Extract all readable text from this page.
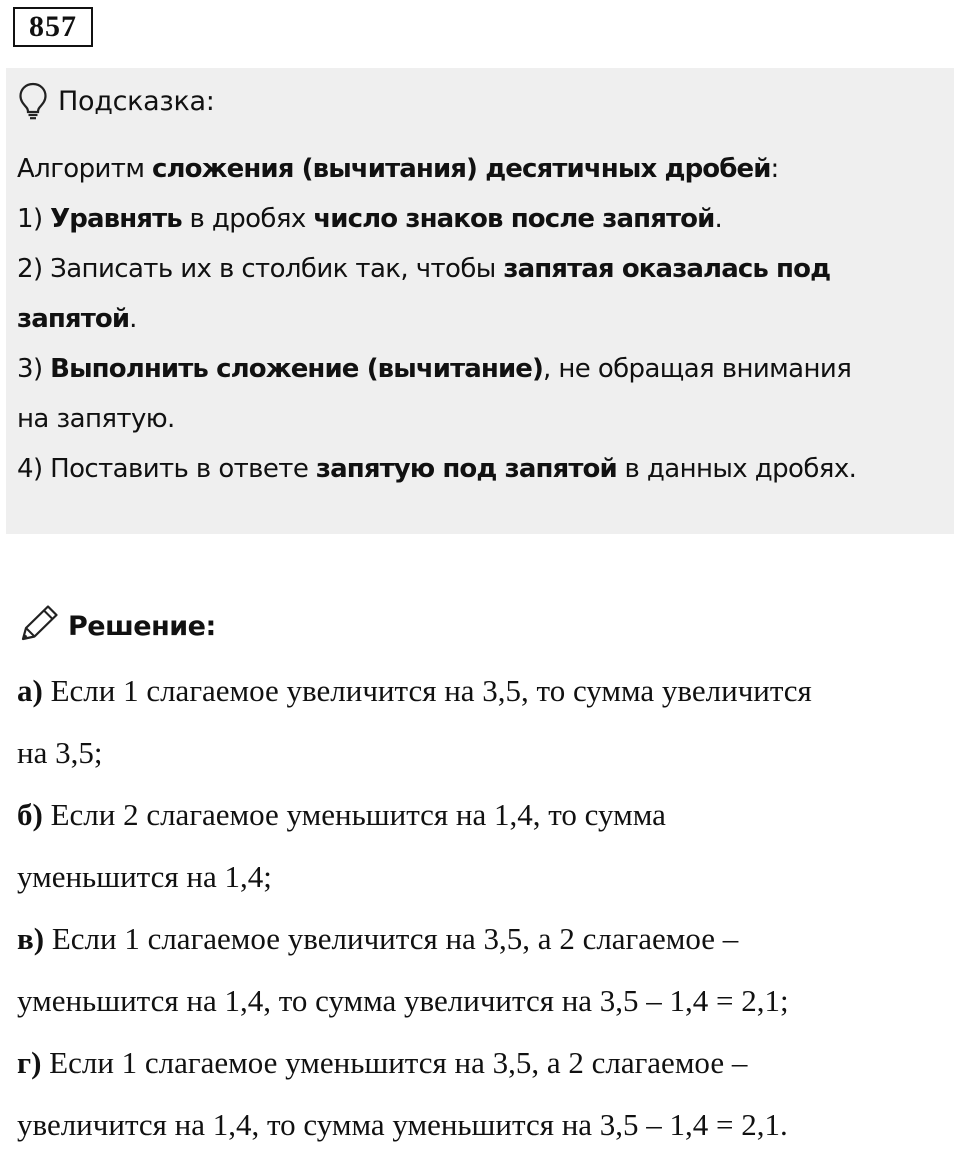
857
Подсказка:
Алгоритм сложения (вычитания) десятичных дробей:
1) Уравнять в дробях число знаков после запятой.
2) Записать их в столбик так, чтобы запятая оказалась под
запятой.
3) Выполнить сложение (вычитание), не обращая внимания
на запятую.
4) Поставить в ответе запятую под запятой в данных дробях.
Решение:
а) Если 1 слагаемое увеличится на 3,5, то сумма увеличится
на 3,5;
б) Если 2 слагаемое уменьшится на 1,4, то сумма
уменьшится на 1,4;
в) Если 1 слагаемое увеличится на 3,5, а 2 слагаемое –
уменьшится на 1,4, то сумма увеличится на 3,5 – 1,4 = 2,1;
г) Если 1 слагаемое уменьшится на 3,5, а 2 слагаемое –
увеличится на 1,4, то сумма уменьшится на 3,5 – 1,4 = 2,1.
